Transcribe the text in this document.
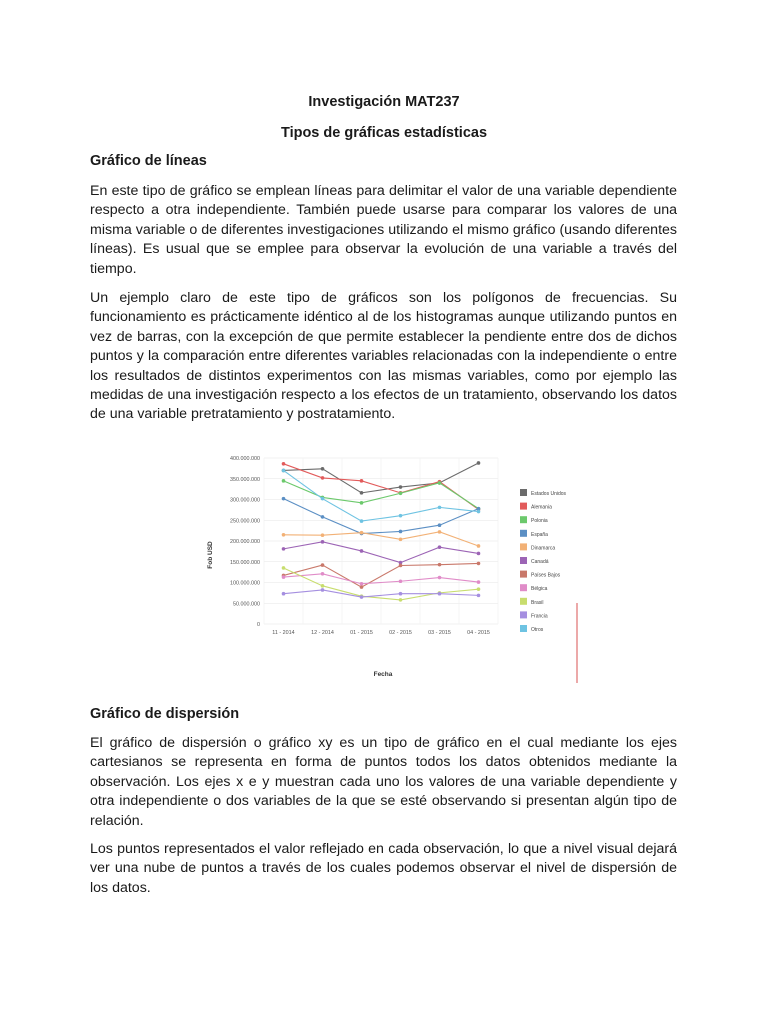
Investigación MAT237
Tipos de gráficas estadísticas
Gráfico de líneas

En este tipo de gráfico se emplean líneas para delimitar el valor de una variable dependiente respecto a otra independiente. También puede usarse para comparar los valores de una misma variable o de diferentes investigaciones utilizando el mismo gráfico (usando diferentes líneas). Es usual que se emplee para observar la evolución de una variable a través del tiempo.

Un ejemplo claro de este tipo de gráficos son los polígonos de frecuencias. Su funcionamiento es prácticamente idéntico al de los histogramas aunque utilizando puntos en vez de barras, con la excepción de que permite establecer la pendiente entre dos de dichos puntos y la comparación entre diferentes variables relacionadas con la independiente o entre los resultados de distintos experimentos con las mismas variables, como por ejemplo las medidas de una investigación respecto a los efectos de un tratamiento, observando los datos de una variable pretratamiento y postratamiento.

0
50.000.000
100.000.000
150.000.000
200.000.000
250.000.000
300.000.000
350.000.000
400.000.000
11 - 2014	12 - 2014	01 - 2015	02 - 2015	03 - 2015	04 - 2015
Estados Unidos
Alemania
Polonia
España
Dinamarca
Canadá
Países Bajos
Bélgica
Brasil
Francia
Otros
Fob USD
Fecha
Gráfico de dispersión

El gráfico de dispersión o gráfico xy es un tipo de gráfico en el cual mediante los ejes cartesianos se representa en forma de puntos todos los datos obtenidos mediante la observación. Los ejes x e y muestran cada uno los valores de una variable dependiente y otra independiente o dos variables de la que se esté observando si presentan algún tipo de relación.

Los puntos representados el valor reflejado en cada observación, lo que a nivel visual dejará ver una nube de puntos a través de los cuales podemos observar el nivel de dispersión de los datos.
